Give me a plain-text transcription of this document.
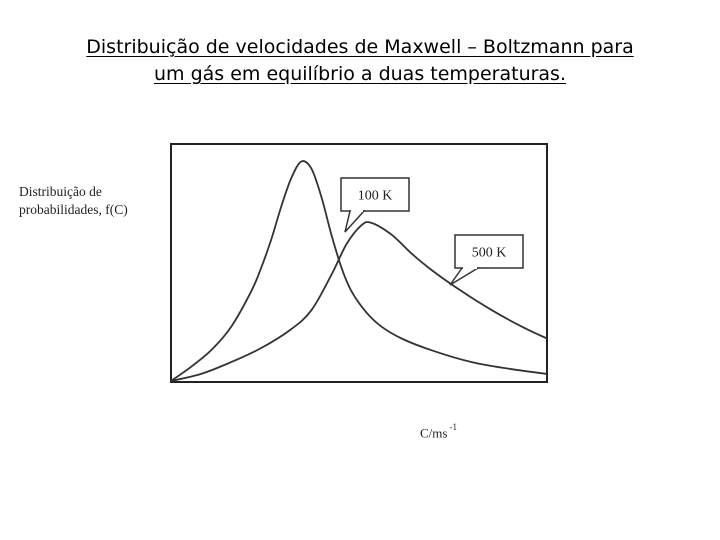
Distribuição de velocidades de Maxwell – Boltzmann para
um gás em equilíbrio a duas temperaturas.
Distribuição de
probabilidades, f(C)
100 K
500 K
C/ms $^{-1}$
